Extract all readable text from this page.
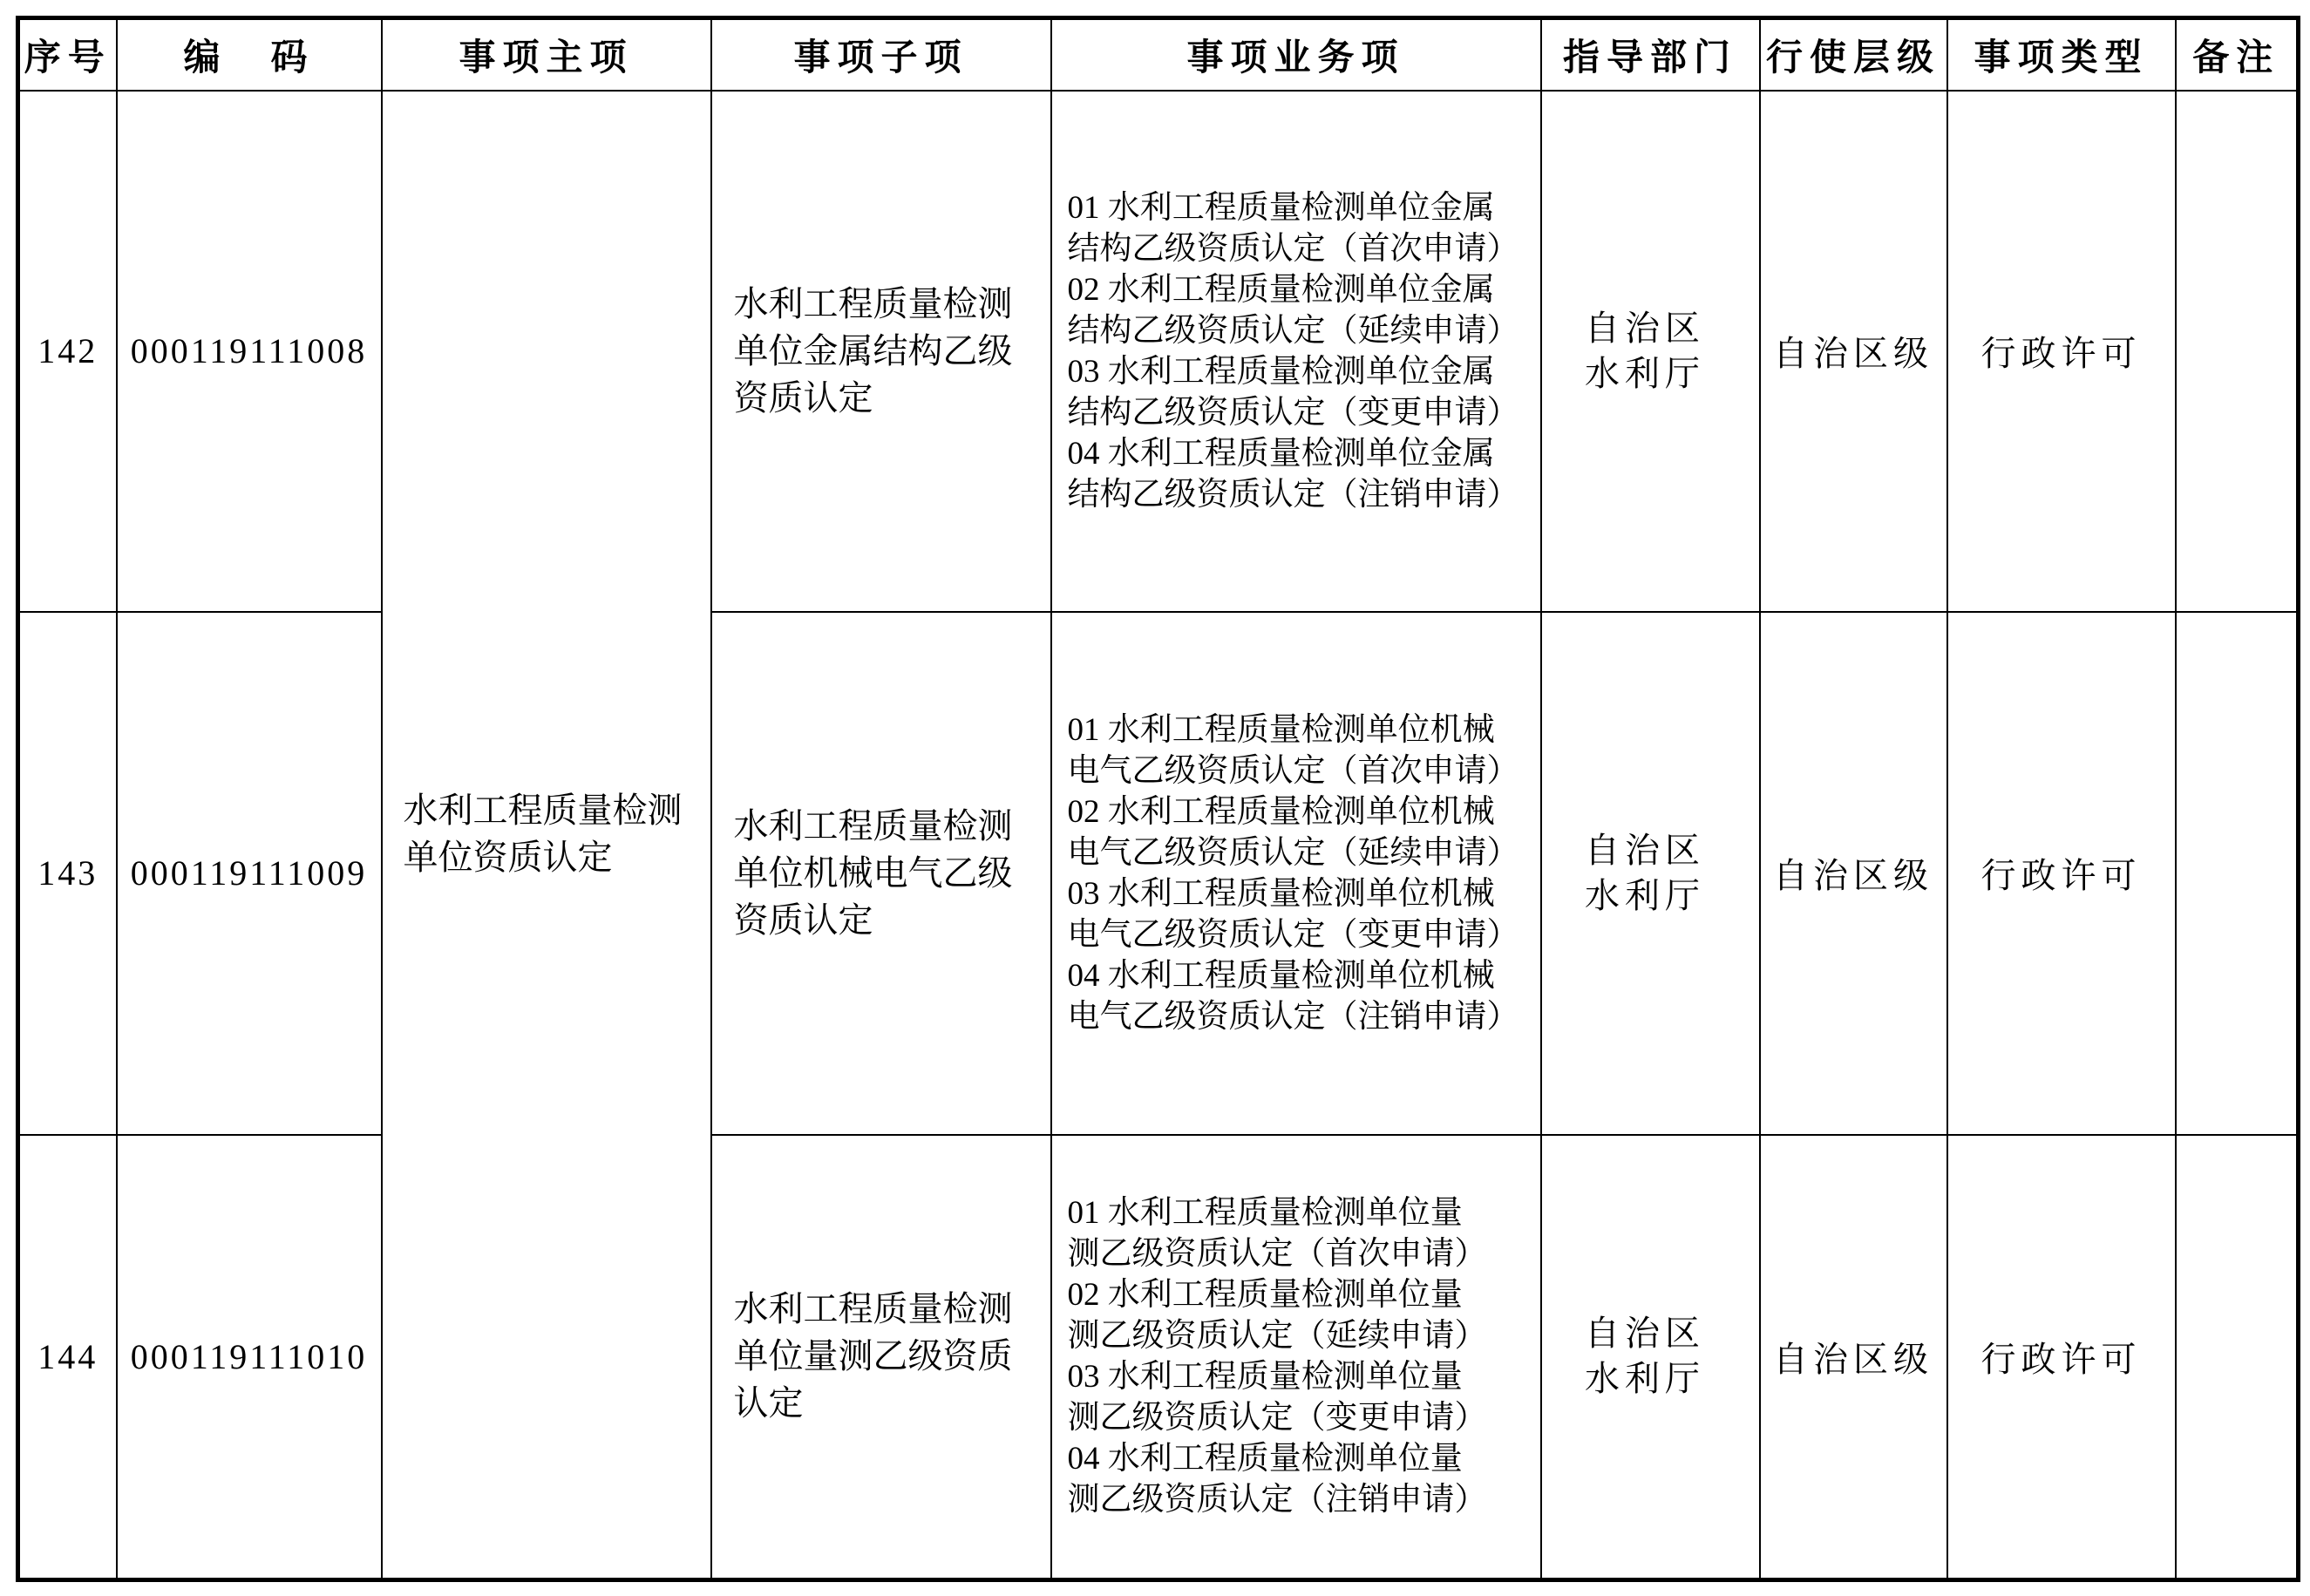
序号	编　码	事项主项	事项子项	事项业务项	指导部门	行使层级	事项类型	备注
142	000119111008	水利工程质量检测单位资质认定	水利工程质量检测单位金属结构乙级资质认定	01 水利工程质量检测单位金属结构乙级资质认定（首次申请）
02 水利工程质量检测单位金属结构乙级资质认定（延续申请）
03 水利工程质量检测单位金属结构乙级资质认定（变更申请）
04 水利工程质量检测单位金属结构乙级资质认定（注销申请）	自治区水利厅	自治区级	行政许可	
143	000119111009		水利工程质量检测单位机械电气乙级资质认定	01 水利工程质量检测单位机械电气乙级资质认定（首次申请）
02 水利工程质量检测单位机械电气乙级资质认定（延续申请）
03 水利工程质量检测单位机械电气乙级资质认定（变更申请）
04 水利工程质量检测单位机械电气乙级资质认定（注销申请）	自治区水利厅	自治区级	行政许可	
144	000119111010		水利工程质量检测单位量测乙级资质认定	01 水利工程质量检测单位量测乙级资质认定（首次申请）
02 水利工程质量检测单位量测乙级资质认定（延续申请）
03 水利工程质量检测单位量测乙级资质认定（变更申请）
04 水利工程质量检测单位量测乙级资质认定（注销申请）	自治区水利厅	自治区级	行政许可	
